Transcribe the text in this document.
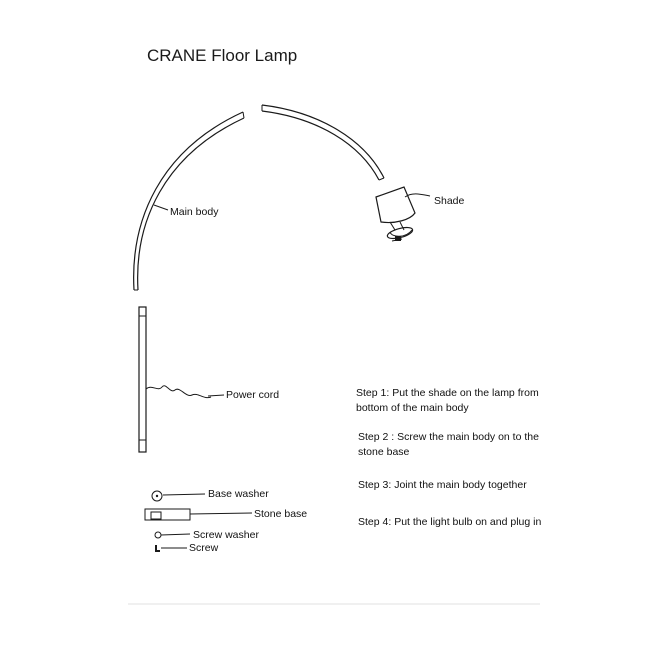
CRANE Floor Lamp
Main body
Shade
Power cord
Base washer
Stone base
Screw washer
Screw
Step 1: Put the shade on the lamp from
bottom of the main body
Step 2 : Screw the main body on to the
stone base
Step 3: Joint the main body together
Step 4: Put the light bulb on and plug in
